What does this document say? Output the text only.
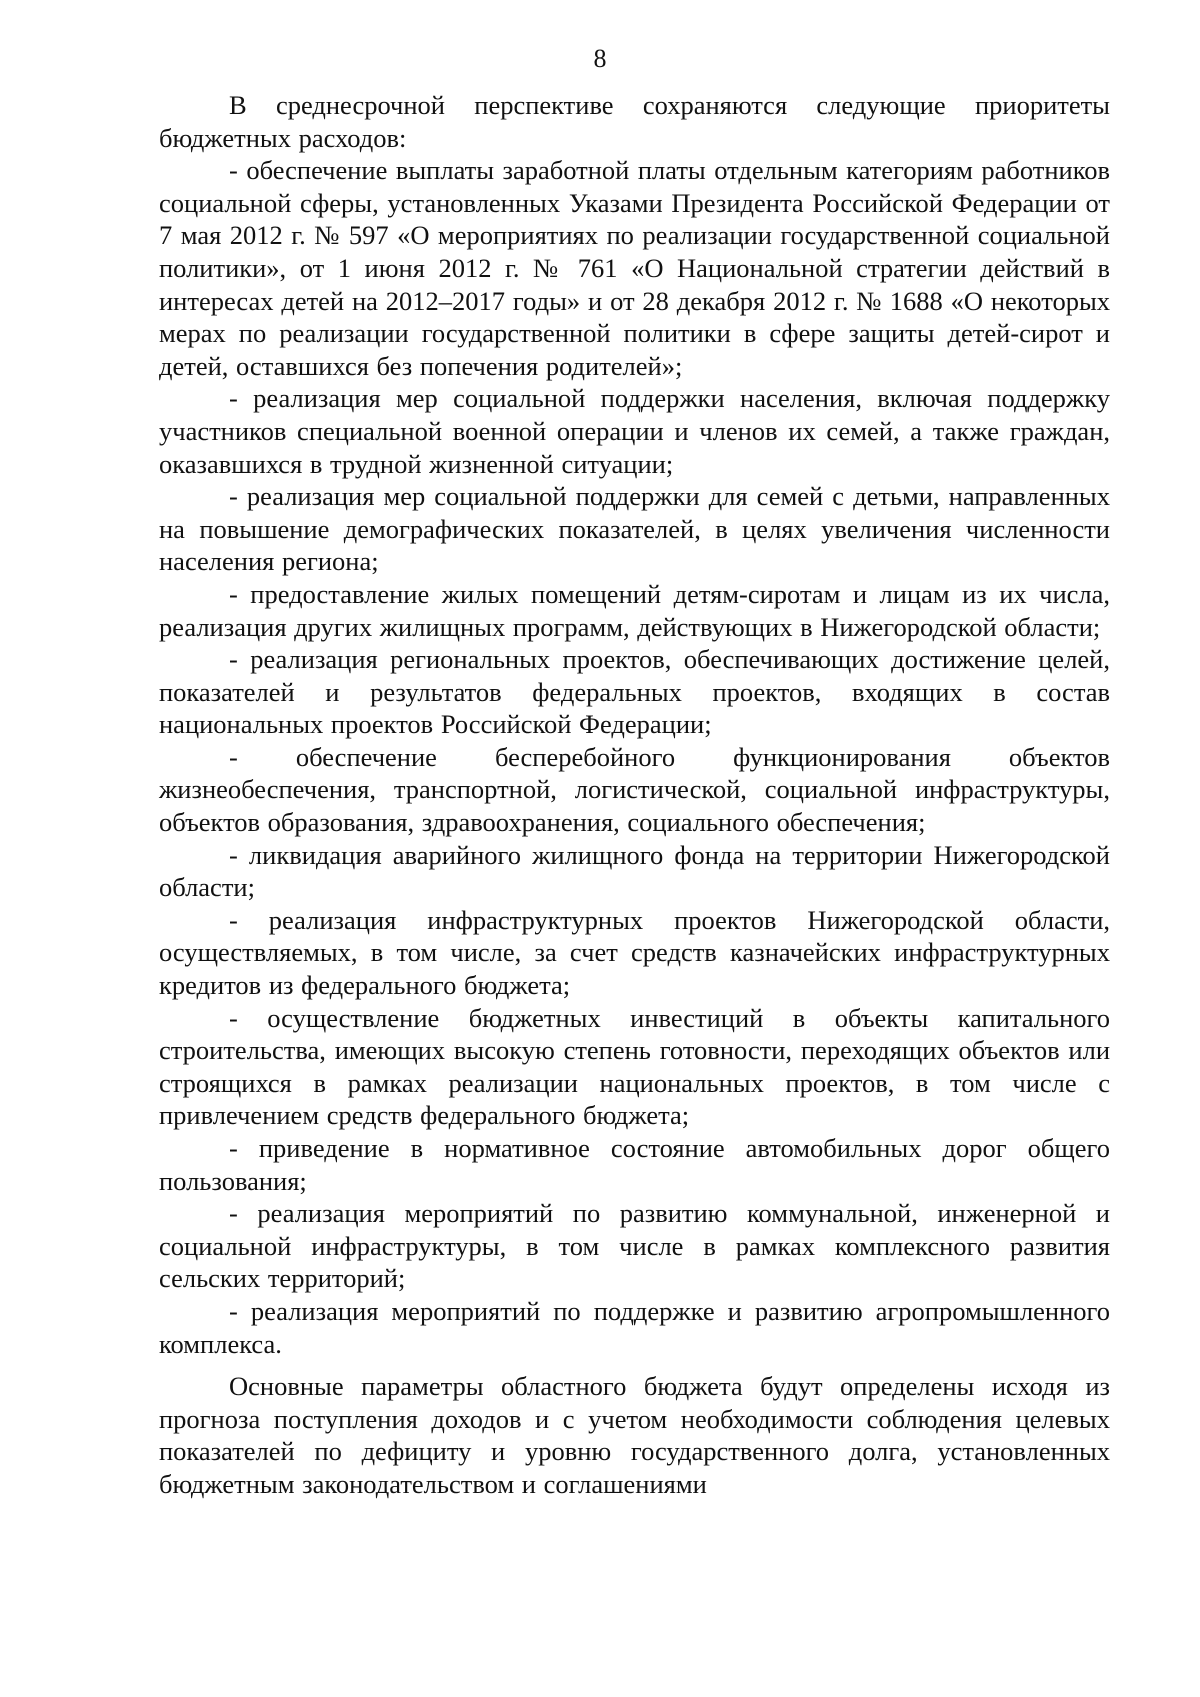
8

В среднесрочной перспективе сохраняются следующие приоритеты бюджетных расходов:

- обеспечение выплаты заработной платы отдельным категориям работников социальной сферы, установленных Указами Президента Российской Федерации от 7 мая 2012 г. № 597 «О мероприятиях по реализации государственной социальной политики», от 1 июня 2012 г. № 761 «О Национальной стратегии действий в интересах детей на 2012–2017 годы» и от 28 декабря 2012 г. № 1688 «О некоторых мерах по реализации государственной политики в сфере защиты детей-сирот и детей, оставшихся без попечения родителей»;

- реализация мер социальной поддержки населения, включая поддержку участников специальной военной операции и членов их семей, а также граждан, оказавшихся в трудной жизненной ситуации;

- реализация мер социальной поддержки для семей с детьми, направленных на повышение демографических показателей, в целях увеличения численности населения региона;

- предоставление жилых помещений детям-сиротам и лицам из их числа, реализация других жилищных программ, действующих в Нижегородской области;

- реализация региональных проектов, обеспечивающих достижение целей, показателей и результатов федеральных проектов, входящих в состав национальных проектов Российской Федерации;

- обеспечение бесперебойного функционирования объектов жизнеобеспечения, транспортной, логистической, социальной инфраструктуры, объектов образования, здравоохранения, социального обеспечения;

- ликвидация аварийного жилищного фонда на территории Нижегородской области;

- реализация инфраструктурных проектов Нижегородской области, осуществляемых, в том числе, за счет средств казначейских инфраструктурных кредитов из федерального бюджета;

- осуществление бюджетных инвестиций в объекты капитального строительства, имеющих высокую степень готовности, переходящих объектов или строящихся в рамках реализации национальных проектов, в том числе с привлечением средств федерального бюджета;

- приведение в нормативное состояние автомобильных дорог общего пользования;

- реализация мероприятий по развитию коммунальной, инженерной и социальной инфраструктуры, в том числе в рамках комплексного развития сельских территорий;

- реализация мероприятий по поддержке и развитию агропромышленного комплекса.

Основные параметры областного бюджета будут определены исходя из прогноза поступления доходов и с учетом необходимости соблюдения целевых показателей по дефициту и уровню государственного долга, установленных бюджетным законодательством и соглашениями
